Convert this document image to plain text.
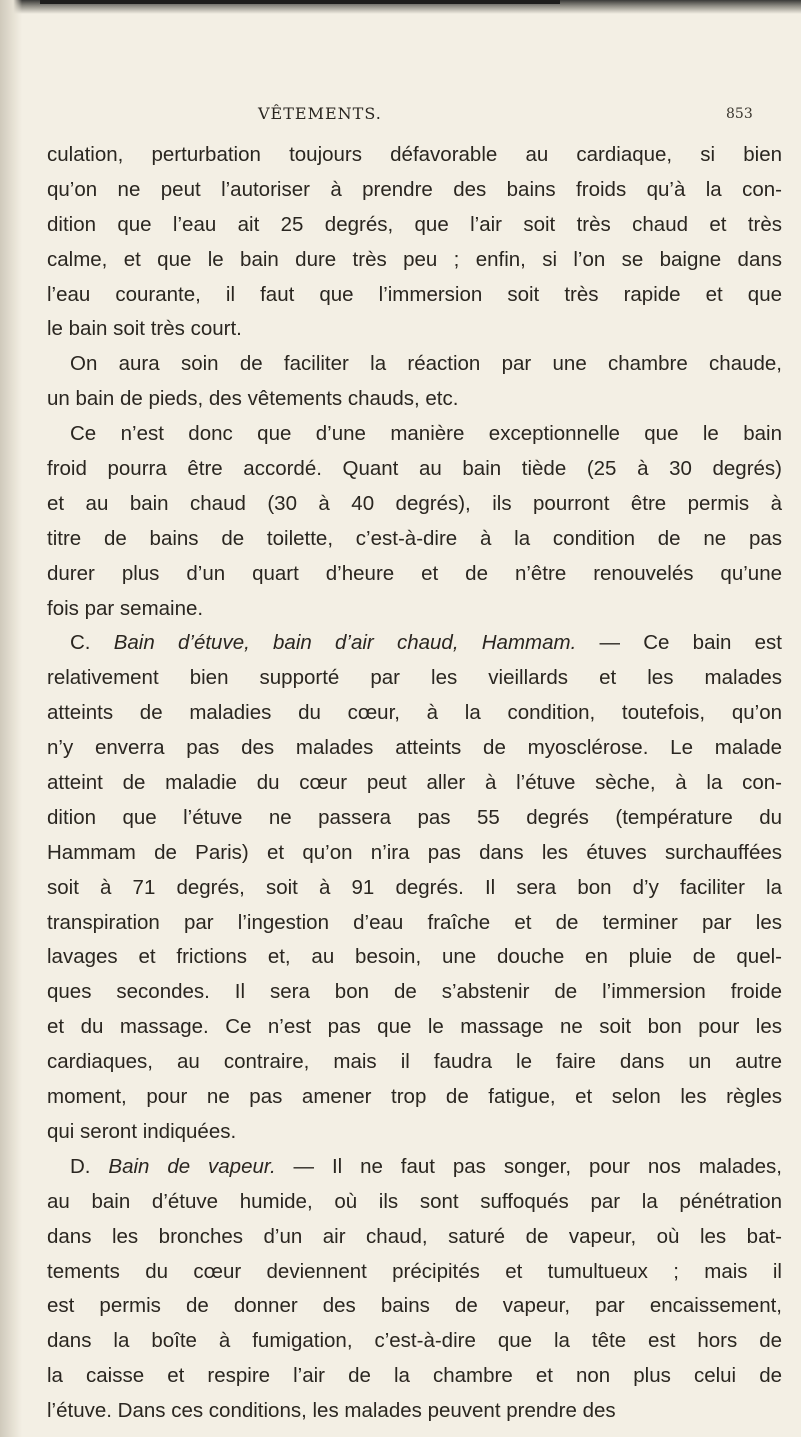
VÊTEMENTS.	853
culation, perturbation toujours défavorable au cardiaque, si bien
qu’on ne peut l’autoriser à prendre des bains froids qu’à la con-
dition que l’eau ait 25 degrés, que l’air soit très chaud et très
calme, et que le bain dure très peu ; enfin, si l’on se baigne dans
l’eau courante, il faut que l’immersion soit très rapide et que
le bain soit très court.
On aura soin de faciliter la réaction par une chambre chaude,
un bain de pieds, des vêtements chauds, etc.
Ce n’est donc que d’une manière exceptionnelle que le bain
froid pourra être accordé. Quant au bain tiède (25 à 30 degrés)
et au bain chaud (30 à 40 degrés), ils pourront être permis à
titre de bains de toilette, c’est-à-dire à la condition de ne pas
durer plus d’un quart d’heure et de n’être renouvelés qu’une
fois par semaine.
C. Bain d’étuve, bain d’air chaud, Hammam. — Ce bain est
relativement bien supporté par les vieillards et les malades
atteints de maladies du cœur, à la condition, toutefois, qu’on
n’y enverra pas des malades atteints de myosclérose. Le malade
atteint de maladie du cœur peut aller à l’étuve sèche, à la con-
dition que l’étuve ne passera pas 55 degrés (température du
Hammam de Paris) et qu’on n’ira pas dans les étuves surchauffées
soit à 71 degrés, soit à 91 degrés. Il sera bon d’y faciliter la
transpiration par l’ingestion d’eau fraîche et de terminer par les
lavages et frictions et, au besoin, une douche en pluie de quel-
ques secondes. Il sera bon de s’abstenir de l’immersion froide
et du massage. Ce n’est pas que le massage ne soit bon pour les
cardiaques, au contraire, mais il faudra le faire dans un autre
moment, pour ne pas amener trop de fatigue, et selon les règles
qui seront indiquées.
D. Bain de vapeur. — Il ne faut pas songer, pour nos malades,
au bain d’étuve humide, où ils sont suffoqués par la pénétration
dans les bronches d’un air chaud, saturé de vapeur, où les bat-
tements du cœur deviennent précipités et tumultueux ; mais il
est permis de donner des bains de vapeur, par encaissement,
dans la boîte à fumigation, c’est-à-dire que la tête est hors de
la caisse et respire l’air de la chambre et non plus celui de
l’étuve. Dans ces conditions, les malades peuvent prendre des
